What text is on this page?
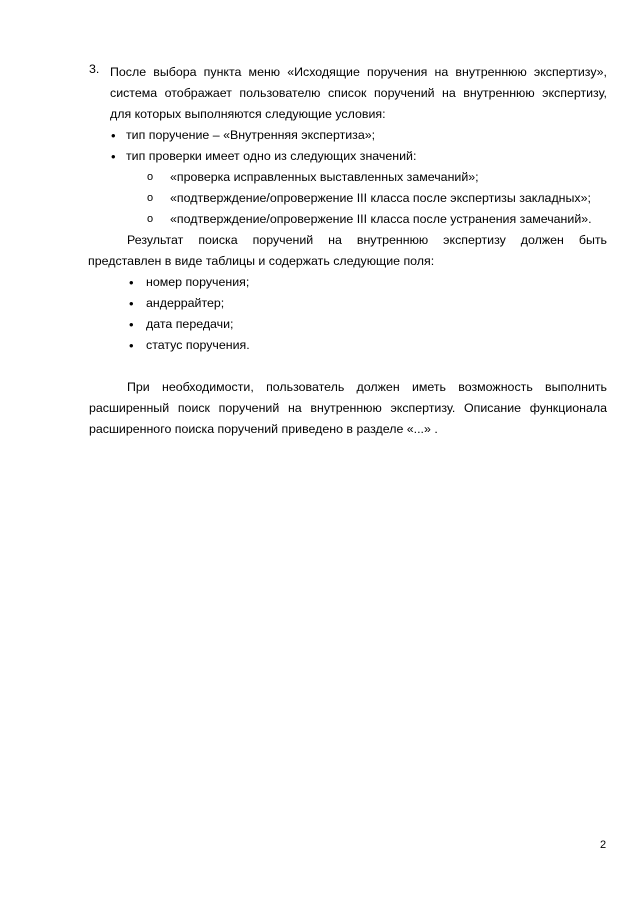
3. После выбора пункта меню «Исходящие поручения на внутреннюю экспертизу»,
система отображает пользователю список поручений на внутреннюю экспертизу,
для которых выполняются следующие условия:
• тип поручение – «Внутренняя экспертиза»;
• тип проверки имеет одно из следующих значений:
o «проверка исправленных выставленных замечаний»;
o «подтверждение/опровержение III класса после экспертизы закладных»;
o «подтверждение/опровержение III класса после устранения замечаний».
Результат поиска поручений на внутреннюю экспертизу должен быть
представлен в виде таблицы и содержать следующие поля:
• номер поручения;
• андеррайтер;
• дата передачи;
• статус поручения.
При необходимости, пользователь должен иметь возможность выполнить
расширенный поиск поручений на внутреннюю экспертизу. Описание функционала
расширенного поиска поручений приведено в разделе «...» .
2
